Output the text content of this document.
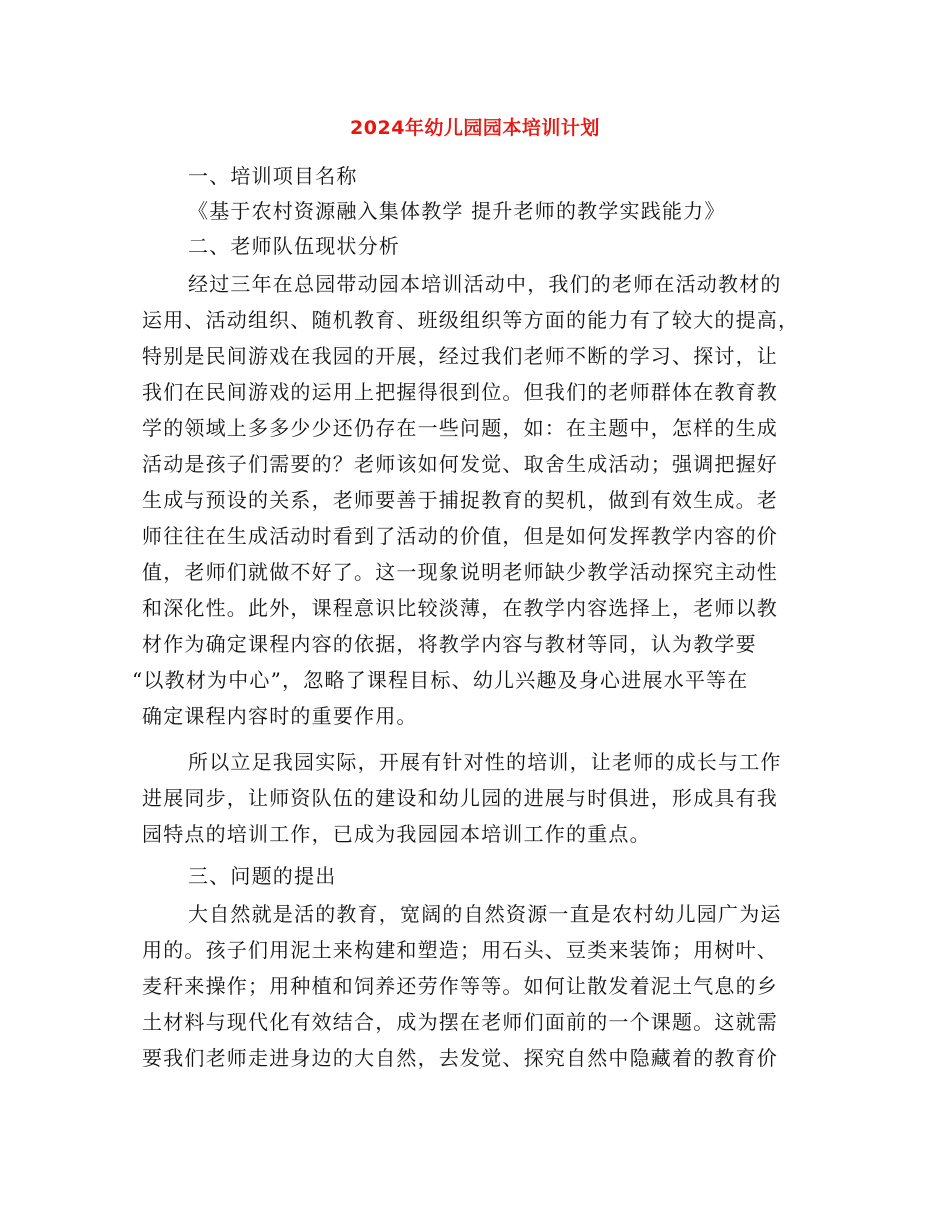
2024年幼儿园园本培训计划
一、培训项目名称
《基于农村资源融入集体教学 提升老师的教学实践能力》
二、老师队伍现状分析
经过三年在总园带动园本培训活动中，我们的老师在活动教材的
运用、活动组织、随机教育、班级组织等方面的能力有了较大的提高，
特别是民间游戏在我园的开展，经过我们老师不断的学习、探讨，让
我们在民间游戏的运用上把握得很到位。但我们的老师群体在教育教
学的领域上多多少少还仍存在一些问题，如：在主题中，怎样的生成
活动是孩子们需要的？老师该如何发觉、取舍生成活动；强调把握好
生成与预设的关系，老师要善于捕捉教育的契机，做到有效生成。老
师往往在生成活动时看到了活动的价值，但是如何发挥教学内容的价
值，老师们就做不好了。这一现象说明老师缺少教学活动探究主动性
和深化性。此外，课程意识比较淡薄，在教学内容选择上，老师以教
材作为确定课程内容的依据，将教学内容与教材等同，认为教学要
“以教材为中心”，忽略了课程目标、幼儿兴趣及身心进展水平等在
确定课程内容时的重要作用。
所以立足我园实际，开展有针对性的培训，让老师的成长与工作
进展同步，让师资队伍的建设和幼儿园的进展与时俱进，形成具有我
园特点的培训工作，已成为我园园本培训工作的重点。
三、问题的提出
大自然就是活的教育，宽阔的自然资源一直是农村幼儿园广为运
用的。孩子们用泥土来构建和塑造；用石头、豆类来装饰；用树叶、
麦秆来操作；用种植和饲养还劳作等等。如何让散发着泥土气息的乡
土材料与现代化有效结合，成为摆在老师们面前的一个课题。这就需
要我们老师走进身边的大自然，去发觉、探究自然中隐藏着的教育价
